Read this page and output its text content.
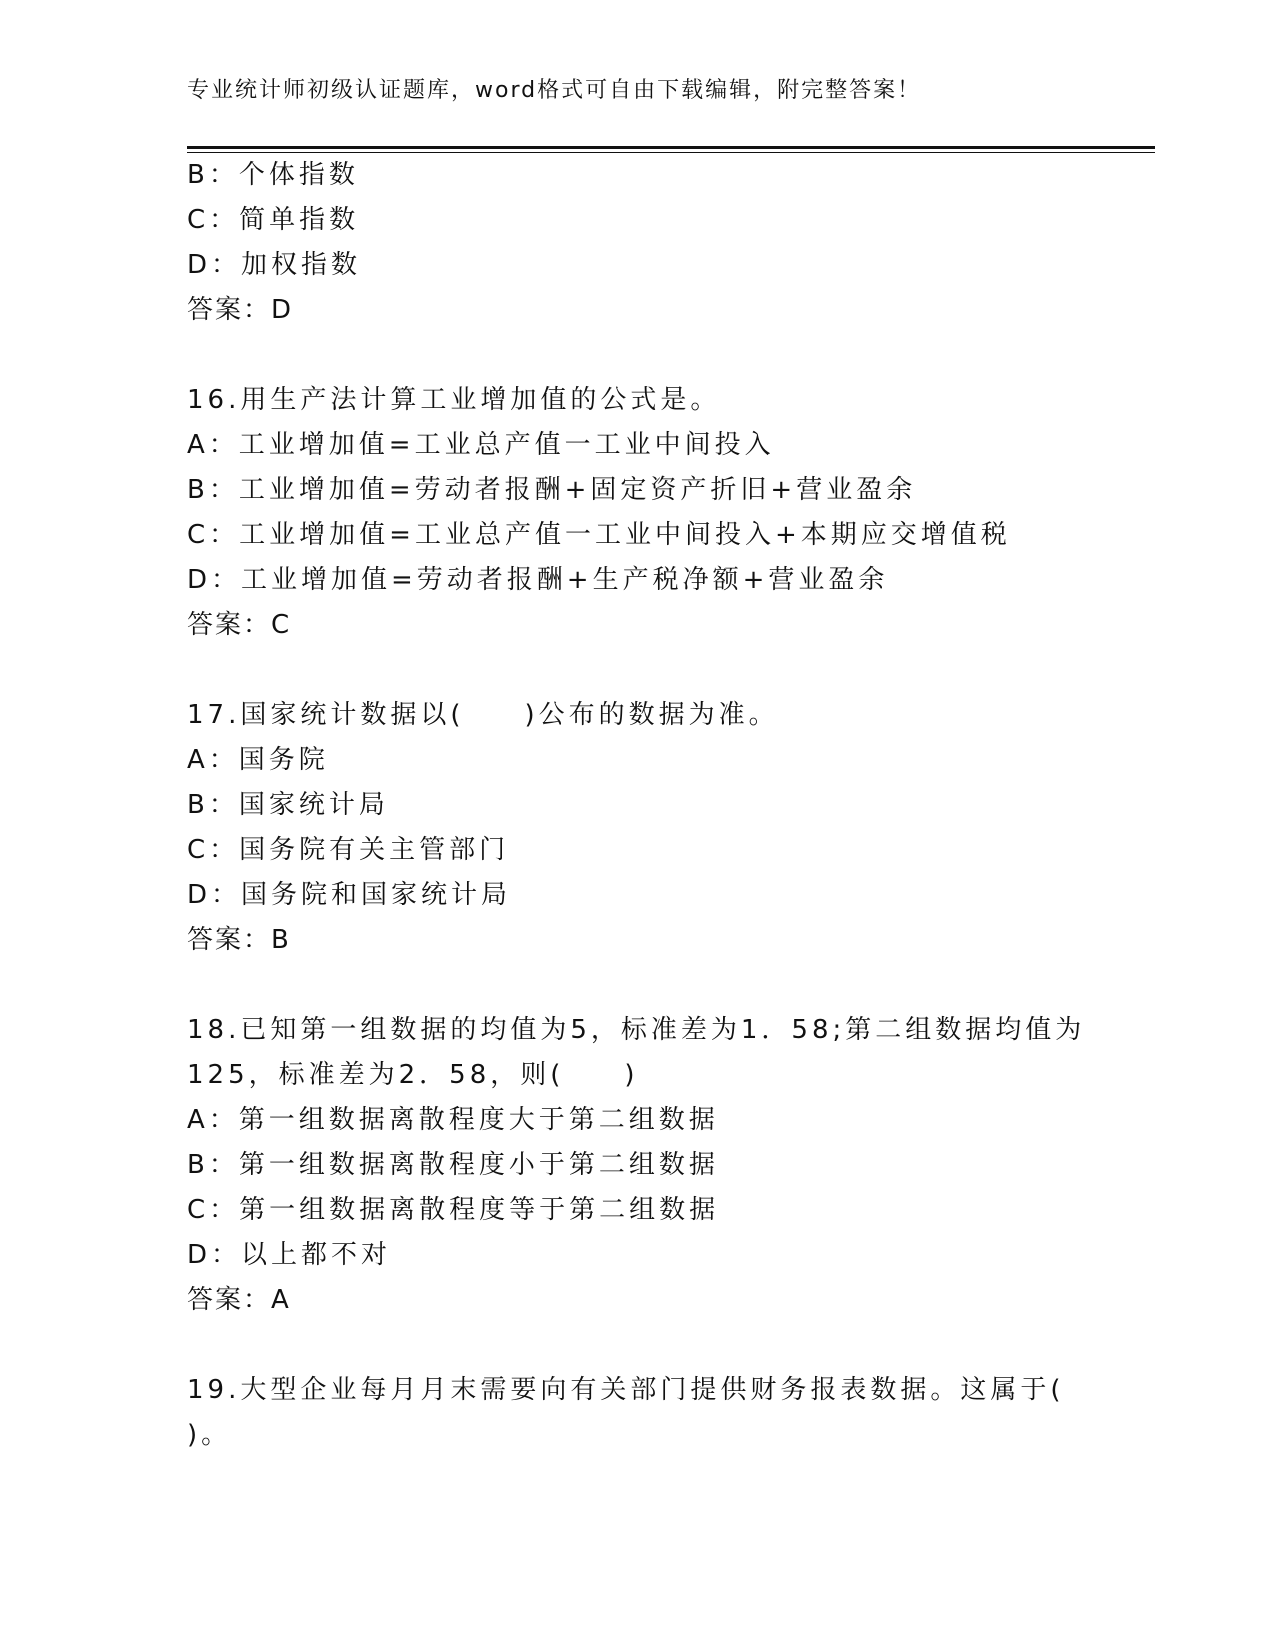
专业统计师初级认证题库，word格式可自由下载编辑，附完整答案！
B：个体指数
C：简单指数
D：加权指数
答案：D
16.用生产法计算工业增加值的公式是。
A：工业增加值=工业总产值一工业中间投入
B：工业增加值=劳动者报酬+固定资产折旧+营业盈余
C：工业增加值=工业总产值一工业中间投入+本期应交增值税
D：工业增加值=劳动者报酬+生产税净额+营业盈余
答案：C
17.国家统计数据以(　　)公布的数据为准。
A：国务院
B：国家统计局
C：国务院有关主管部门
D：国务院和国家统计局
答案：B
18.已知第一组数据的均值为5，标准差为1．58;第二组数据均值为
125，标准差为2．58，则(　　)
A：第一组数据离散程度大于第二组数据
B：第一组数据离散程度小于第二组数据
C：第一组数据离散程度等于第二组数据
D：以上都不对
答案：A
19.大型企业每月月末需要向有关部门提供财务报表数据。这属于(
)。
